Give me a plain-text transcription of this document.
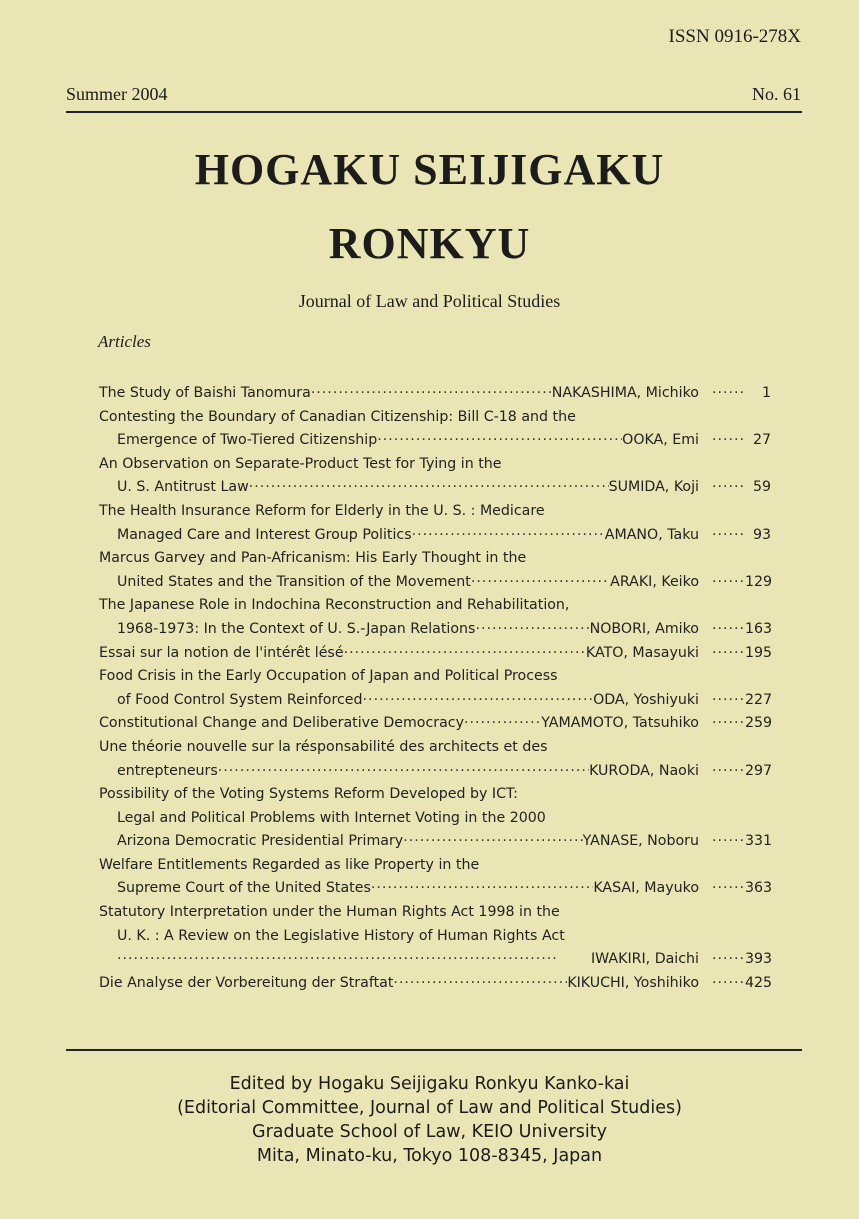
ISSN 0916-278X
Summer 2004	No. 61
HOGAKU SEIJIGAKU
RONKYU
Journal of Law and Political Studies
Articles
The Study of Baishi Tanomura ·····	NAKASHIMA, Michiko ······	1
Contesting the Boundary of Canadian Citizenship: Bill C-18 and the
Emergence of Two-Tiered Citizenship ·····	OOKA, Emi ······	27
An Observation on Separate-Product Test for Tying in the
U. S. Antitrust Law ·····	SUMIDA, Koji ······	59
The Health Insurance Reform for Elderly in the U. S. : Medicare
Managed Care and Interest Group Politics ·····	AMANO, Taku ······	93
Marcus Garvey and Pan-Africanism: His Early Thought in the
United States and the Transition of the Movement ·····	ARAKI, Keiko ······	129
The Japanese Role in Indochina Reconstruction and Rehabilitation,
1968-1973: In the Context of U. S.-Japan Relations ·····	NOBORI, Amiko ······	163
Essai sur la notion de l'intérêt lésé ·····	KATO, Masayuki ······	195
Food Crisis in the Early Occupation of Japan and Political Process
of Food Control System Reinforced ·····	ODA, Yoshiyuki ······	227
Constitutional Change and Deliberative Democracy ·····	YAMAMOTO, Tatsuhiko ······	259
Une théorie nouvelle sur la résponsabilité des architects et des
entrepteneurs ·····	KURODA, Naoki ······	297
Possibility of the Voting Systems Reform Developed by ICT:
Legal and Political Problems with Internet Voting in the 2000
Arizona Democratic Presidential Primary ·····	YANASE, Noboru ······	331
Welfare Entitlements Regarded as like Property in the
Supreme Court of the United States ·····	KASAI, Mayuko ······	363
Statutory Interpretation under the Human Rights Act 1998 in the
U. K. : A Review on the Legislative History of Human Rights Act
·····
IWAKIRI, Daichi ······	393
Die Analyse der Vorbereitung der Straftat ·····	KIKUCHI, Yoshihiko ······	425
Edited by Hogaku Seijigaku Ronkyu Kanko-kai
(Editorial Committee, Journal of Law and Political Studies)
Graduate School of Law, KEIO University
Mita, Minato-ku, Tokyo 108-8345, Japan
